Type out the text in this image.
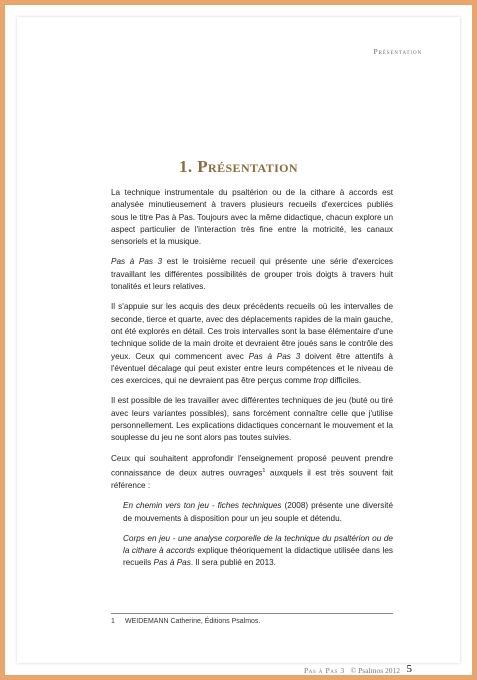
Présentation
1. Présentation

La technique instrumentale du psaltérion ou de la cithare à accords est analysée minutieusement à travers plusieurs recueils d'exercices publiés sous le titre Pas à Pas. Toujours avec la même didactique, chacun explore un aspect particulier de l'interaction très fine entre la motricité, les canaux sensoriels et la musique.

Pas à Pas 3 est le troisième recueil qui présente une série d'exercices travaillant les différentes possibilités de grouper trois doigts à travers huit tonalités et leurs relatives.

Il s'appuie sur les acquis des deux précédents recueils où les intervalles de seconde, tierce et quarte, avec des déplacements rapides de la main gauche, ont été explorés en détail. Ces trois intervalles sont la base élémentaire d'une technique solide de la main droite et devraient être joués sans le contrôle des yeux. Ceux qui commencent avec Pas à Pas 3 doivent être attentifs à l'éventuel décalage qui peut exister entre leurs compétences et le niveau de ces exercices, qui ne devraient pas être perçus comme trop difficiles.

Il est possible de les travailler avec différentes techniques de jeu (buté ou tiré avec leurs variantes possibles), sans forcément connaître celle que j'utilise personnellement. Les explications didactiques concernant le mouvement et la souplesse du jeu ne sont alors pas toutes suivies.

Ceux qui souhaitent approfondir l'enseignement proposé peuvent prendre connaissance de deux autres ouvrages$^1$ auxquels il est très souvent fait référence :

En chemin vers ton jeu - fiches techniques (2008) présente une diversité de mouvements à disposition pour un jeu souple et détendu.

Corps en jeu - une analyse corporelle de la technique du psaltérion ou de la cithare à accords explique théoriquement la didactique utilisée dans les recueils Pas à Pas. Il sera publié en 2013.

1 WEIDEMANN Catherine, Éditions Psalmos.
Pas à Pas 3 © Psalmos 2012 5
